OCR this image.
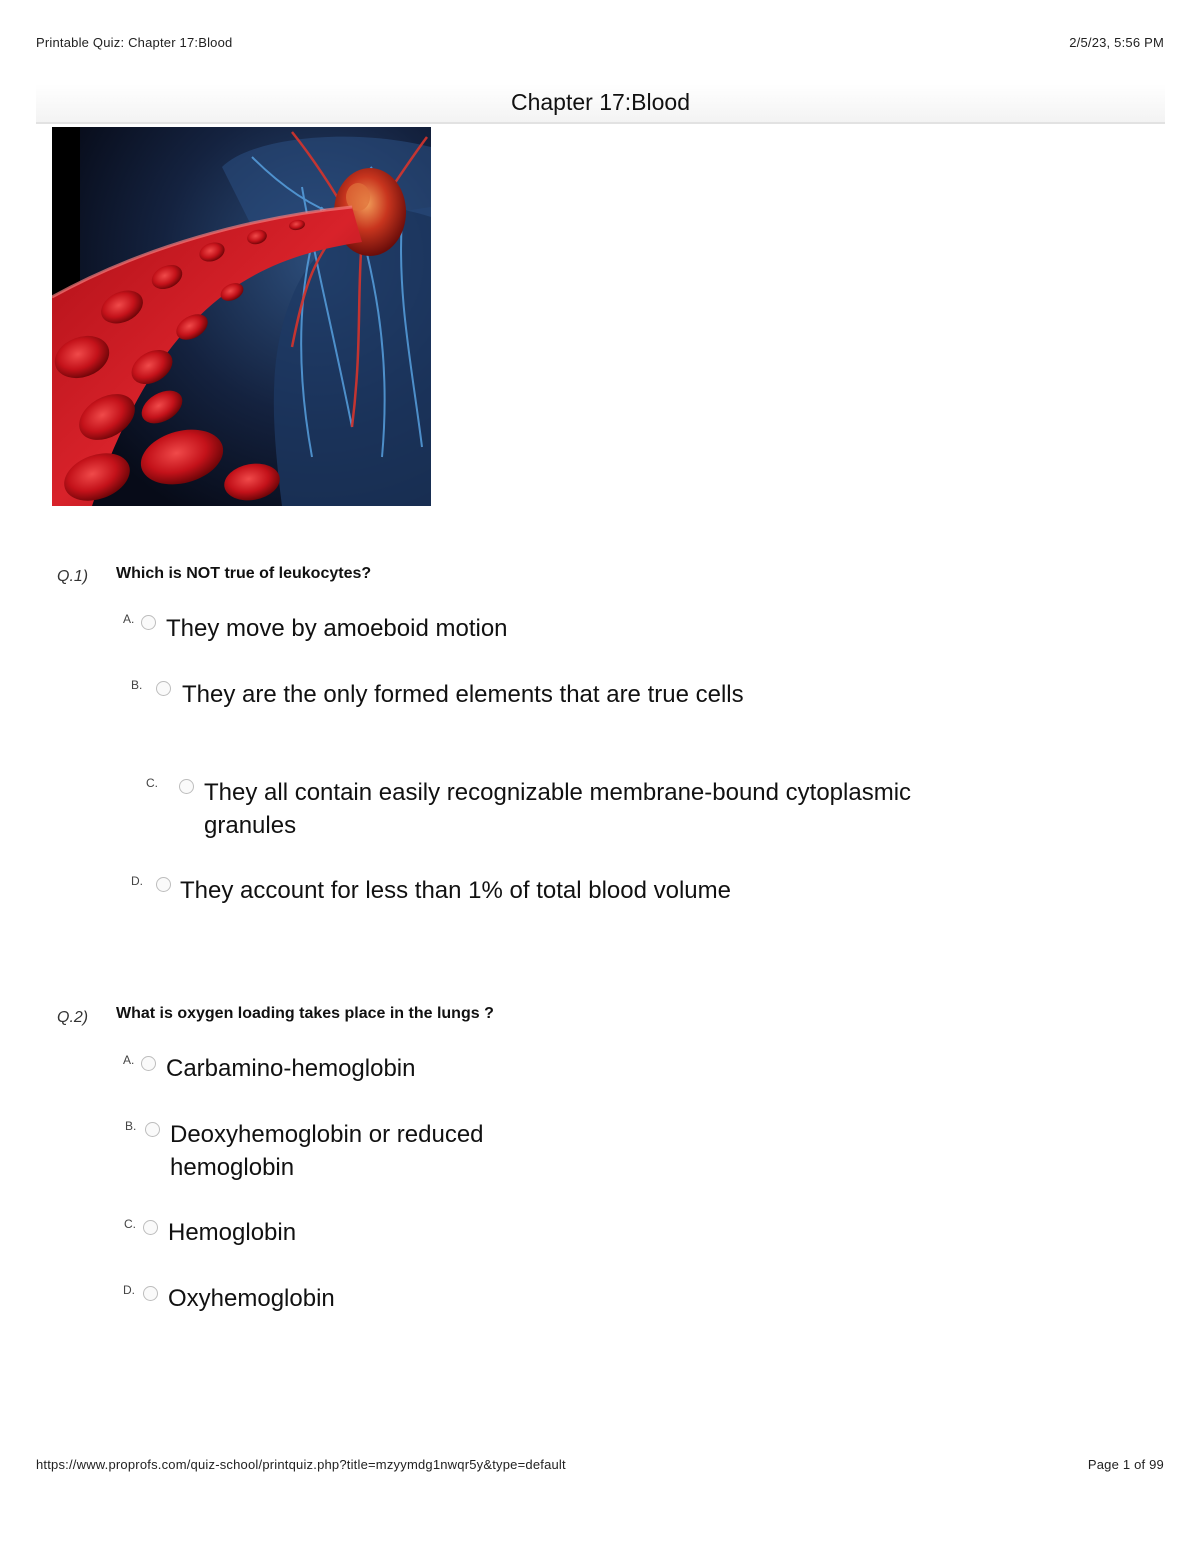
Printable Quiz: Chapter 17:Blood	2/5/23, 5:56 PM
Chapter 17:Blood
Q.1) Which is NOT true of leukocytes?
A. They move by amoeboid motion
B. They are the only formed elements that are true cells
C. They all contain easily recognizable membrane-bound cytoplasmic granules
D. They account for less than 1% of total blood volume
Q.2) What is oxygen loading takes place in the lungs ?
A. Carbamino-hemoglobin
B. Deoxyhemoglobin or reduced hemoglobin
C. Hemoglobin
D. Oxyhemoglobin
https://www.proprofs.com/quiz-school/printquiz.php?title=mzyymdg1nwqr5y&type=default	Page 1 of 99
